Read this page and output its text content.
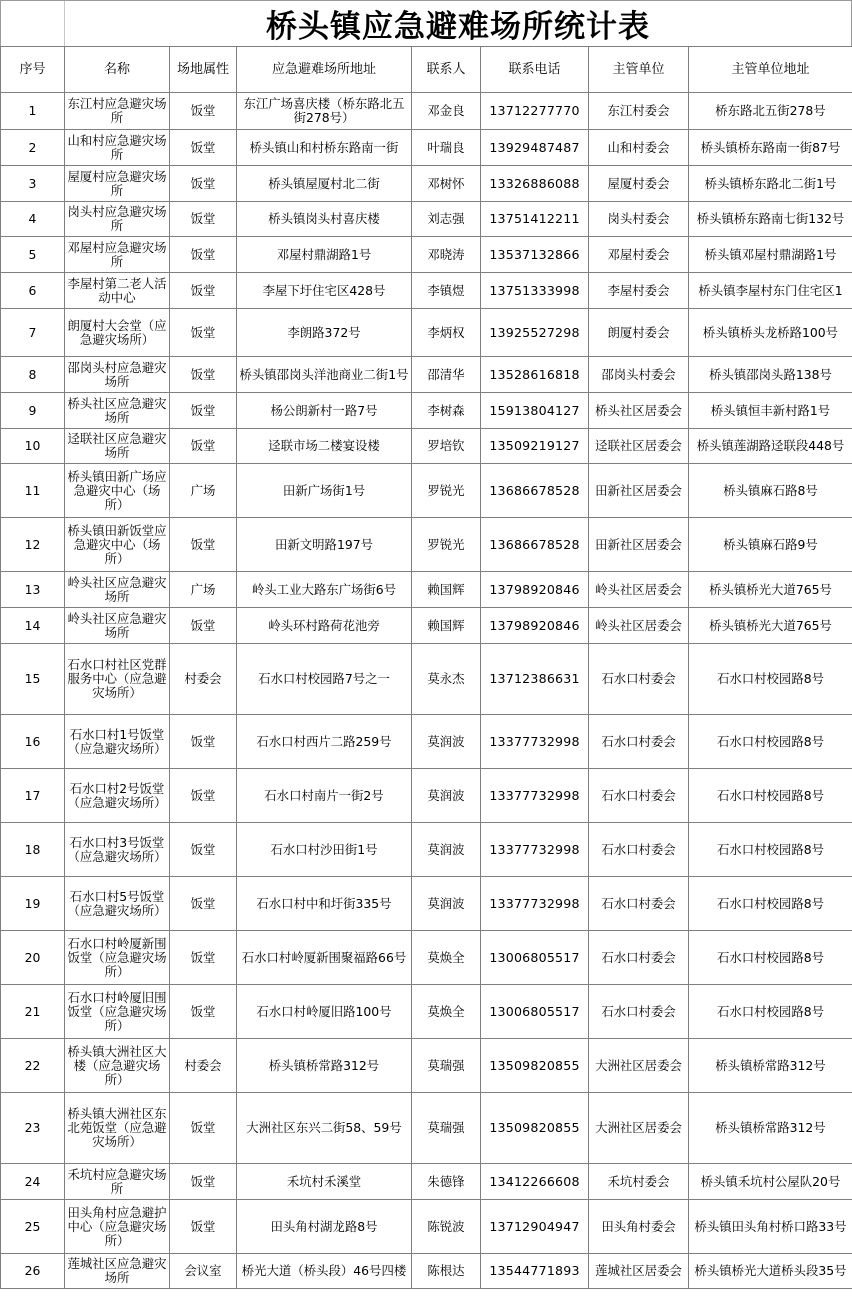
桥头镇应急避难场所统计表
序号	名称	场地属性	应急避难场所地址	联系人	联系电话	主管单位	主管单位地址
1	东江村应急避灾场所	饭堂	东江广场喜庆楼（桥东路北五街278号）	邓金良	13712277770	东江村委会	桥东路北五街278号
2	山和村应急避灾场所	饭堂	桥头镇山和村桥东路南一街	叶瑞良	13929487487	山和村委会	桥头镇桥东路南一街87号
3	屋厦村应急避灾场所	饭堂	桥头镇屋厦村北二街	邓树怀	13326886088	屋厦村委会	桥头镇桥东路北二街1号
4	岗头村应急避灾场所	饭堂	桥头镇岗头村喜庆楼	刘志强	13751412211	岗头村委会	桥头镇桥东路南七街132号
5	邓屋村应急避灾场所	饭堂	邓屋村鼎湖路1号	邓晓涛	13537132866	邓屋村委会	桥头镇邓屋村鼎湖路1号
6	李屋村第二老人活动中心	饭堂	李屋下圩住宅区428号	李镇煜	13751333998	李屋村委会	桥头镇李屋村东门住宅区1
7	朗厦村大会堂（应急避灾场所）	饭堂	李朗路372号	李炳权	13925527298	朗厦村委会	桥头镇桥头龙桥路100号
8	邵岗头村应急避灾场所	饭堂	桥头镇邵岗头洋池商业二街1号	邵清华	13528616818	邵岗头村委会	桥头镇邵岗头路138号
9	桥头社区应急避灾场所	饭堂	杨公朗新村一路7号	李树森	15913804127	桥头社区居委会	桥头镇恒丰新村路1号
10	迳联社区应急避灾场所	饭堂	迳联市场二楼宴设楼	罗培钦	13509219127	迳联社区居委会	桥头镇莲湖路迳联段448号
11	桥头镇田新广场应急避灾中心（场所）	广场	田新广场街1号	罗锐光	13686678528	田新社区居委会	桥头镇麻石路8号
12	桥头镇田新饭堂应急避灾中心（场所）	饭堂	田新文明路197号	罗锐光	13686678528	田新社区居委会	桥头镇麻石路9号
13	岭头社区应急避灾场所	广场	岭头工业大路东广场街6号	赖国辉	13798920846	岭头社区居委会	桥头镇桥光大道765号
14	岭头社区应急避灾场所	饭堂	岭头环村路荷花池旁	赖国辉	13798920846	岭头社区居委会	桥头镇桥光大道765号
15	石水口村社区党群服务中心（应急避灾场所）	村委会	石水口村校园路7号之一	莫永杰	13712386631	石水口村委会	石水口村校园路8号
16	石水口村1号饭堂（应急避灾场所）	饭堂	石水口村西片二路259号	莫润波	13377732998	石水口村委会	石水口村校园路8号
17	石水口村2号饭堂（应急避灾场所）	饭堂	石水口村南片一街2号	莫润波	13377732998	石水口村委会	石水口村校园路8号
18	石水口村3号饭堂（应急避灾场所）	饭堂	石水口村沙田街1号	莫润波	13377732998	石水口村委会	石水口村校园路8号
19	石水口村5号饭堂（应急避灾场所）	饭堂	石水口村中和圩街335号	莫润波	13377732998	石水口村委会	石水口村校园路8号
20	石水口村岭厦新围饭堂（应急避灾场所）	饭堂	石水口村岭厦新围聚福路66号	莫焕全	13006805517	石水口村委会	石水口村校园路8号
21	石水口村岭厦旧围饭堂（应急避灾场所）	饭堂	石水口村岭厦旧路100号	莫焕全	13006805517	石水口村委会	石水口村校园路8号
22	桥头镇大洲社区大楼（应急避灾场所）	村委会	桥头镇桥常路312号	莫瑞强	13509820855	大洲社区居委会	桥头镇桥常路312号
23	桥头镇大洲社区东北苑饭堂（应急避灾场所）	饭堂	大洲社区东兴二街58、59号	莫瑞强	13509820855	大洲社区居委会	桥头镇桥常路312号
24	禾坑村应急避灾场所	饭堂	禾坑村禾溪堂	朱德锋	13412266608	禾坑村委会	桥头镇禾坑村公屋队20号
25	田头角村应急避护中心（应急避灾场所）	饭堂	田头角村湖龙路8号	陈锐波	13712904947	田头角村委会	桥头镇田头角村桥口路33号
26	莲城社区应急避灾场所	会议室	桥光大道（桥头段）46号四楼	陈根达	13544771893	莲城社区居委会	桥头镇桥光大道桥头段35号
